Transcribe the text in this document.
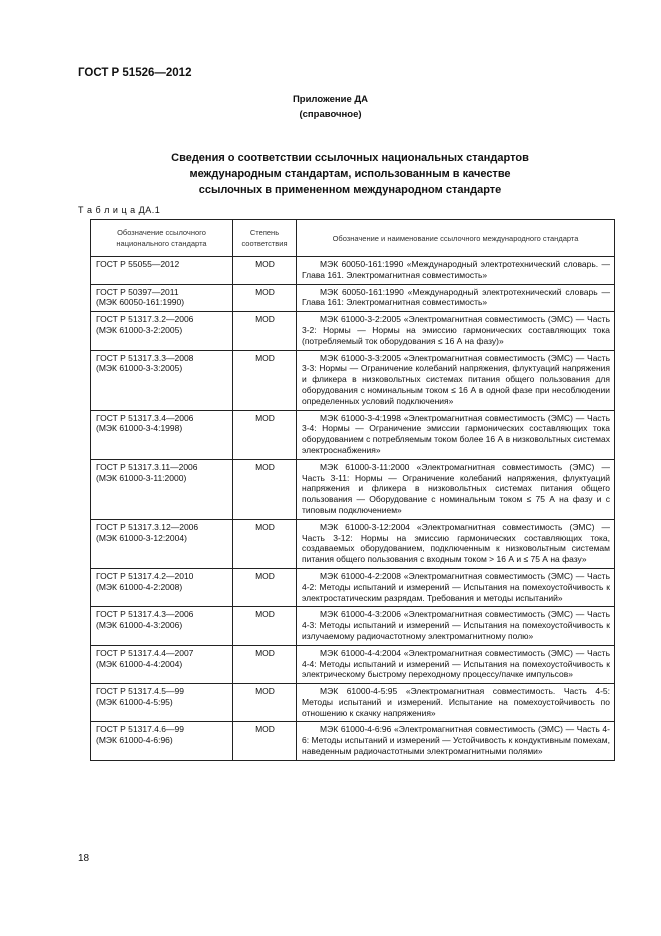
ГОСТ Р 51526—2012
Приложение ДА
(справочное)
Сведения о соответствии ссылочных национальных стандартов
международным стандартам, использованным в качестве
ссылочных в примененном международном стандарте
Т а б л и ц а ДА.1
Обозначение ссылочного национального стандарта	Степень соответствия	Обозначение и наименование ссылочного международного стандарта

ГОСТ Р 55055—2012	MOD	МЭК 60050-161:1990 «Международный электротехнический словарь. — Глава 161. Электромагнитная совместимость»

ГОСТ Р 50397—2011
(МЭК 60050-161:1990)	MOD	МЭК 60050-161:1990 «Международный электротехнический словарь — Глава 161: Электромагнитная совместимость»

ГОСТ Р 51317.3.2—2006
(МЭК 61000-3-2:2005)	MOD	МЭК 61000-3-2:2005 «Электромагнитная совместимость (ЭМС) — Часть 3-2: Нормы — Нормы на эмиссию гармонических составляющих тока (потребляемый ток оборудования ≤ 16 А на фазу)»

ГОСТ Р 51317.3.3—2008
(МЭК 61000-3-3:2005)	MOD	МЭК 61000-3-3:2005 «Электромагнитная совместимость (ЭМС) — Часть 3-3: Нормы — Ограничение колебаний напряжения, флуктуаций напряжения и фликера в низковольтных системах питания общего пользования для оборудования с номинальным током ≤ 16 А в одной фазе при несоблюдении определенных условий подключения»

ГОСТ Р 51317.3.4—2006
(МЭК 61000-3-4:1998)	MOD	МЭК 61000-3-4:1998 «Электромагнитная совместимость (ЭМС) — Часть 3-4: Нормы — Ограничение эмиссии гармонических составляющих тока оборудованием с потребляемым током более 16 А в низковольтных системах электроснабжения»

ГОСТ Р 51317.3.11—2006
(МЭК 61000-3-11:2000)	MOD	МЭК 61000-3-11:2000 «Электромагнитная совместимость (ЭМС) — Часть 3-11: Нормы — Ограничение колебаний напряжения, флуктуаций напряжения и фликера в низковольтных системах питания общего пользования — Оборудование с номинальным током ≤ 75 А на фазу и с типовым подключением»

ГОСТ Р 51317.3.12—2006
(МЭК 61000-3-12:2004)	MOD	МЭК 61000-3-12:2004 «Электромагнитная совместимость (ЭМС) — Часть 3-12: Нормы на эмиссию гармонических составляющих тока, создаваемых оборудованием, подключенным к низковольтным системам питания общего пользования с входным током > 16 А и ≤ 75 А на фазу»

ГОСТ Р 51317.4.2—2010
(МЭК 61000-4-2:2008)	MOD	МЭК 61000-4-2:2008 «Электромагнитная совместимость (ЭМС) — Часть 4-2: Методы испытаний и измерений — Испытания на помехоустойчивость к электростатическим разрядам. Требования и методы испытаний»

ГОСТ Р 51317.4.3—2006
(МЭК 61000-4-3:2006)	MOD	МЭК 61000-4-3:2006 «Электромагнитная совместимость (ЭМС) — Часть 4-3: Методы испытаний и измерений — Испытания на помехоустойчивость к излучаемому радиочастотному электромагнитному полю»

ГОСТ Р 51317.4.4—2007
(МЭК 61000-4-4:2004)	MOD	МЭК 61000-4-4:2004 «Электромагнитная совместимость (ЭМС) — Часть 4-4: Методы испытаний и измерений — Испытания на помехоустойчивость к электрическому быстрому переходному процессу/пачке импульсов»

ГОСТ Р 51317.4.5—99
(МЭК 61000-4-5:95)	MOD	МЭК 61000-4-5:95 «Электромагнитная совместимость. Часть 4-5: Методы испытаний и измерений. Испытание на помехоустойчивость по отношению к скачку напряжения»

ГОСТ Р 51317.4.6—99
(МЭК 61000-4-6:96)	MOD	МЭК 61000-4-6:96 «Электромагнитная совместимость (ЭМС) — Часть 4-6: Методы испытаний и измерений — Устойчивость к кондуктивным помехам, наведенным радиочастотными электромагнитными полями»
18
